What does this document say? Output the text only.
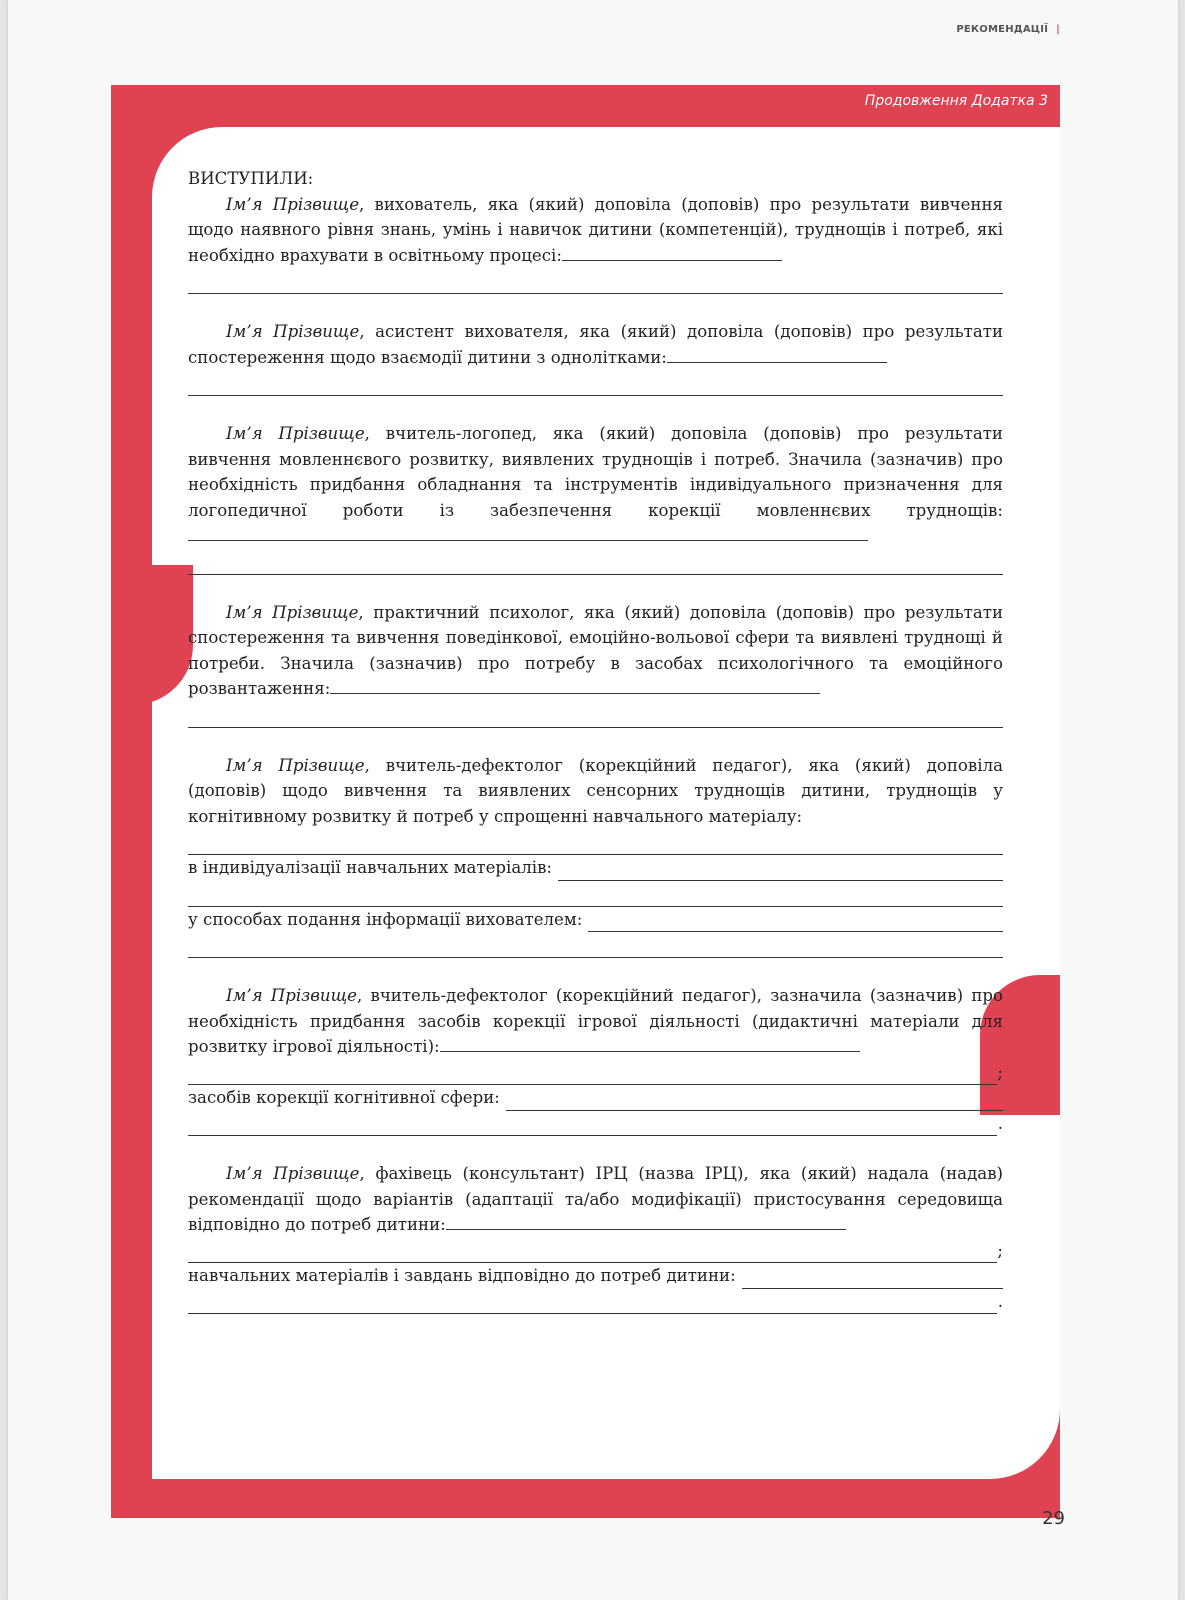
РЕКОМЕНДАЦІЇ |
Продовження Додатка 3
29

ВИСТУПИЛИ:

Ім’я Прізвище, вихователь, яка (який) доповіла (доповів) про результати вивчення щодо наявного рівня знань, умінь і навичок дитини (компетенцій), труднощів і потреб, які необхідно врахувати в освітньому процесі:

Ім’я Прізвище, асистент вихователя, яка (який) доповіла (доповів) про результати спостереження щодо взаємодії дитини з однолітками:

Ім’я Прізвище, вчитель-логопед, яка (який) доповіла (доповів) про результати вивчення мовленнєвого розвитку, виявлених труднощів і потреб. Значила (зазначив) про необхідність придбання обладнання та інструментів індивідуального призначення для логопедичної роботи із забезпечення корекції мовленнєвих труднощів:

Ім’я Прізвище, практичний психолог, яка (який) доповіла (доповів) про результати спостереження та вивчення поведінкової, емоційно-вольової сфери та виявлені труднощі й потреби. Значила (зазначив) про потребу в засобах психологічного та емоційного розвантаження:

Ім’я Прізвище, вчитель-дефектолог (корекційний педагог), яка (який) доповіла (доповів) щодо вивчення та виявлених сенсорних труднощів дитини, труднощів у когнітивному розвитку й потреб у спрощенні навчального матеріалу:

в індивідуалізації навчальних матеріалів:
у способах подання інформації вихователем:

Ім’я Прізвище, вчитель-дефектолог (корекційний педагог), зазначила (зазначив) про необхідність придбання засобів корекції ігрової діяльності (дидактичні матеріали для розвитку ігрової діяльності):

;
засобів корекції когнітивної сфери:
.

Ім’я Прізвище, фахівець (консультант) ІРЦ (назва ІРЦ), яка (який) надала (надав) рекомендації щодо варіантів (адаптації та/або модифікації) пристосування середовища відповідно до потреб дитини:

;
навчальних матеріалів і завдань відповідно до потреб дитини:
.
